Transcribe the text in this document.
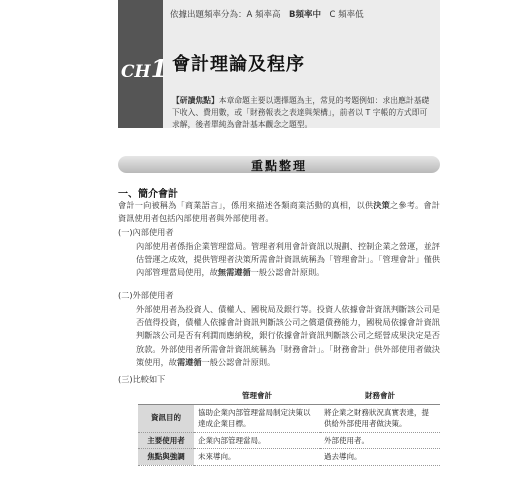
依據出題頻率分為：A 頻率高　B頻率中　C 頻率低
CH1 會計理論及程序
【研讀焦點】本章命題主要以選擇題為主，常見的考題例如：求出應計基礎下收入、費用數，或「財務報表之表達與架構」，前者以 T 字帳的方式即可求解，後者單純為會計基本觀念之題型。
重點整理
一、簡介會計
會計一向被稱為「商業語言」，係用來描述各類商業活動的真相，以供決策之參考。會計資訊使用者包括內部使用者與外部使用者。
(一)內部使用者
內部使用者係指企業管理當局。管理者利用會計資訊以規劃、控制企業之營運，並評估營運之成效，提供管理者決策所需會計資訊統稱為「管理會計」。「管理會計」僅供內部管理當局使用，故無需遵循一般公認會計原則。
(二)外部使用者
外部使用者為投資人、債權人、國稅局及銀行等。投資人依據會計資訊判斷該公司是否值得投資，債權人依據會計資訊判斷該公司之償還債務能力，國稅局依據會計資訊判斷該公司是否有利潤而應納稅，銀行依據會計資訊判斷該公司之經營成果決定是否放款。外部使用者所需會計資訊統稱為「財務會計」。「財務會計」供外部使用者做決策使用，故需遵循一般公認會計原則。
(三)比較如下
	管理會計	財務會計
資訊目的	協助企業內部管理當局制定決策以達成企業目標。	將企業之財務狀況真實表達，提供給外部使用者做決策。
主要使用者	企業內部管理當局。	外部使用者。
焦點與強調	未來導向。	過去導向。
